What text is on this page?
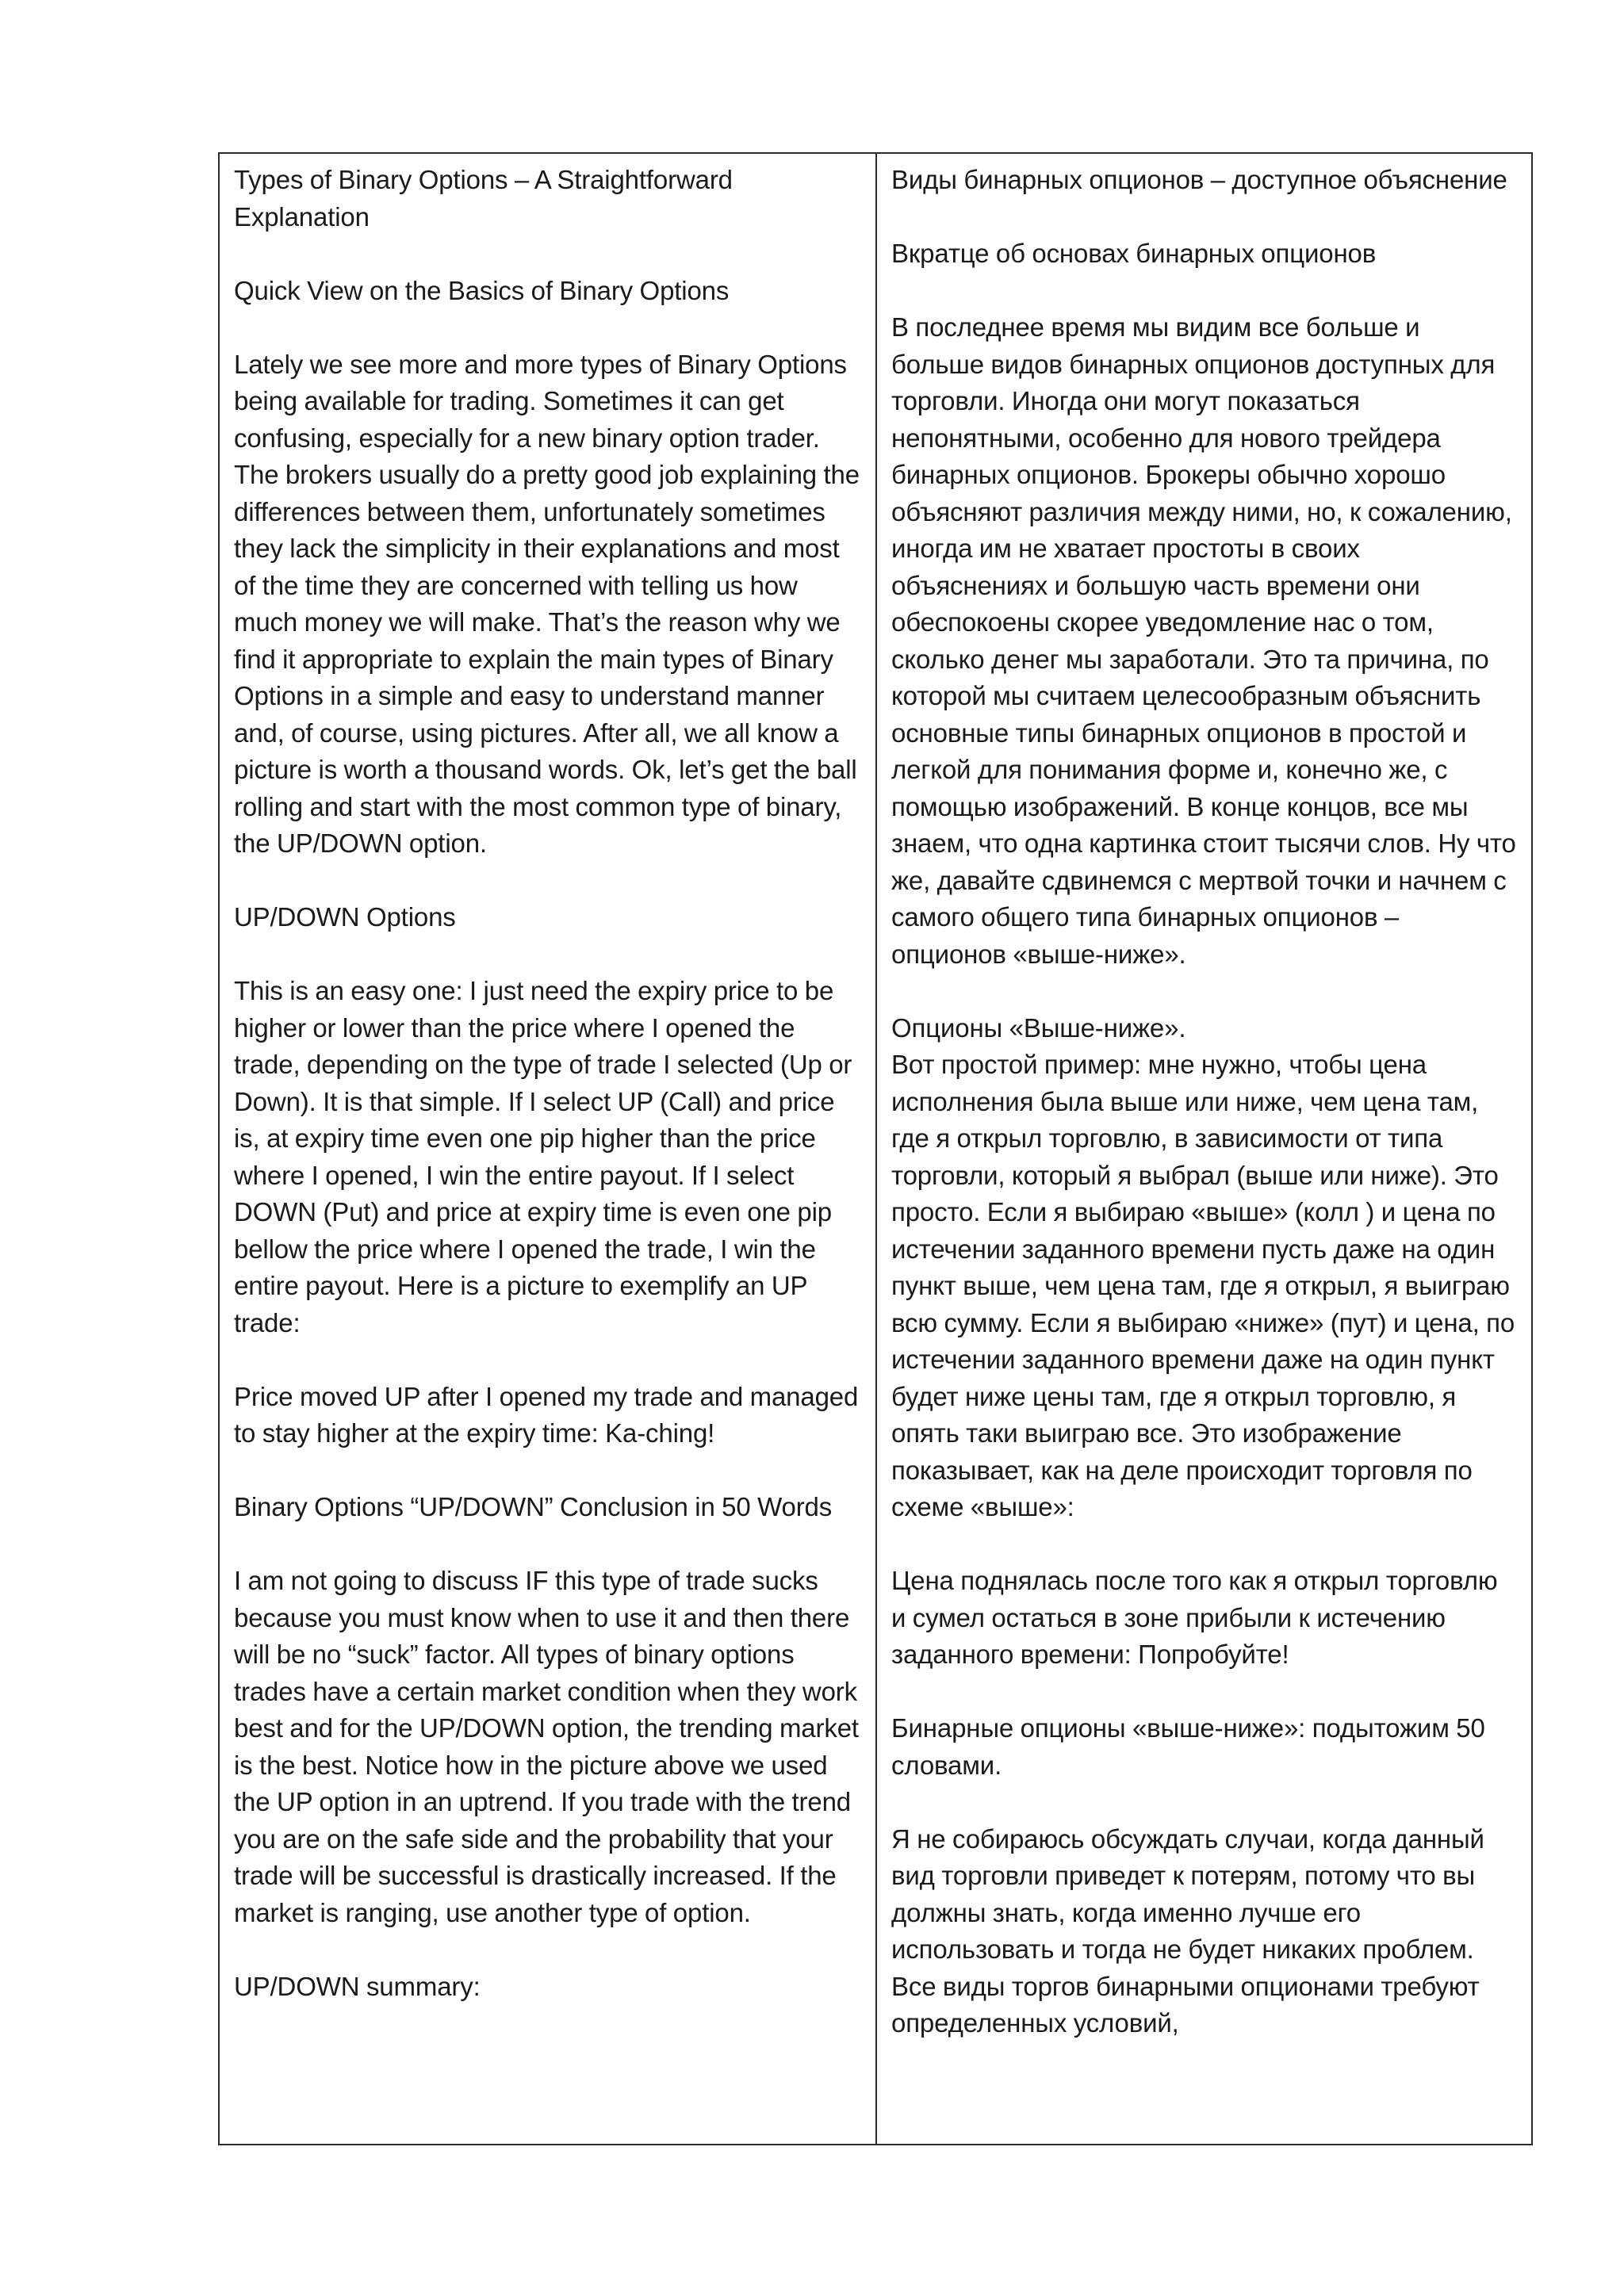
Types of Binary Options – A Straightforward Explanation

Quick View on the Basics of Binary Options

Lately we see more and more types of Binary Options being available for trading. Sometimes it can get confusing, especially for a new binary option trader. The brokers usually do a pretty good job explaining the differences between them, unfortunately sometimes they lack the simplicity in their explanations and most of the time they are concerned with telling us how much money we will make. That’s the reason why we find it appropriate to explain the main types of Binary Options in a simple and easy to understand manner and, of course, using pictures. After all, we all know a picture is worth a thousand words. Ok, let’s get the ball rolling and start with the most common type of binary, the UP/DOWN option.

UP/DOWN Options

This is an easy one: I just need the expiry price to be higher or lower than the price where I opened the trade, depending on the type of trade I selected (Up or Down). It is that simple. If I select UP (Call) and price is, at expiry time even one pip higher than the price where I opened, I win the entire payout. If I select DOWN (Put) and price at expiry time is even one pip bellow the price where I opened the trade, I win the entire payout. Here is a picture to exemplify an UP trade:

Price moved UP after I opened my trade and managed to stay higher at the expiry time: Ka-ching!

Binary Options “UP/DOWN” Conclusion in 50 Words

I am not going to discuss IF this type of trade sucks because you must know when to use it and then there will be no “suck” factor. All types of binary options trades have a certain market condition when they work best and for the UP/DOWN option, the trending market is the best. Notice how in the picture above we used the UP option in an uptrend. If you trade with the trend you are on the safe side and the probability that your trade will be successful is drastically increased. If the market is ranging, use another type of option.

UP/DOWN summary:

Виды бинарных опционов – доступное объяснение

Вкратце об основах бинарных опционов

В последнее время мы видим все больше и больше видов бинарных опционов доступных для торговли. Иногда они могут показаться непонятными, особенно для нового трейдера бинарных опционов. Брокеры обычно хорошо объясняют различия между ними, но, к сожалению, иногда им не хватает простоты в своих объяснениях и большую часть времени они обеспокоены скорее уведомление нас о том, сколько денег мы заработали. Это та причина, по которой мы считаем целесообразным объяснить основные типы бинарных опционов в простой и легкой для понимания форме и, конечно же, с помощью изображений. В конце концов, все мы знаем, что одна картинка стоит тысячи слов. Ну что же, давайте сдвинемся с мертвой точки и начнем с самого общего типа бинарных опционов – опционов «выше-ниже».

Опционы «Выше-ниже».

Вот простой пример: мне нужно, чтобы цена исполнения была выше или ниже, чем цена там, где я открыл торговлю, в зависимости от типа торговли, который я выбрал (выше или ниже). Это просто. Если я выбираю «выше» (колл ) и цена по истечении заданного времени пусть даже на один пункт выше, чем цена там, где я открыл, я выиграю всю сумму. Если я выбираю «ниже» (пут) и цена, по истечении заданного времени даже на один пункт будет ниже цены там, где я открыл торговлю, я опять таки выиграю все. Это изображение показывает, как на деле происходит торговля по схеме «выше»:

Цена поднялась после того как я открыл торговлю и сумел остаться в зоне прибыли к истечению заданного времени: Попробуйте!

Бинарные опционы «выше-ниже»: подытожим 50 словами.

Я не собираюсь обсуждать случаи, когда данный вид торговли приведет к потерям, потому что вы должны знать, когда именно лучше его использовать и тогда не будет никаких проблем. Все виды торгов бинарными опционами требуют определенных условий,
